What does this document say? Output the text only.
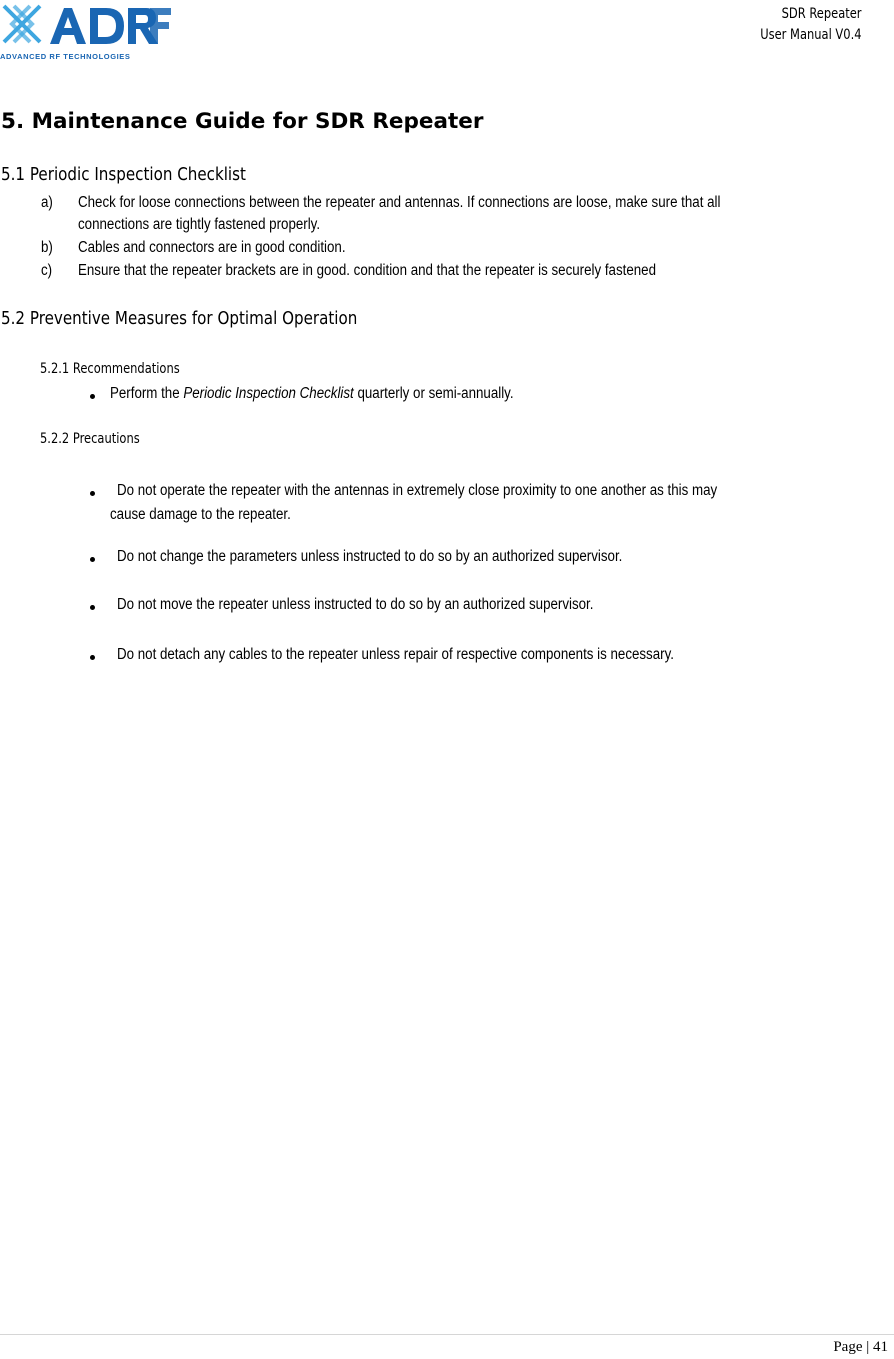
ADVANCED RF TECHNOLOGIES
SDR Repeater
User Manual V0.4
5. Maintenance Guide for SDR Repeater
5.1 Periodic Inspection Checklist
a) Check for loose connections between the repeater and antennas. If connections are loose, make sure that all
connections are tightly fastened properly.
b) Cables and connectors are in good condition.
c) Ensure that the repeater brackets are in good. condition and that the repeater is securely fastened
5.2 Preventive Measures for Optimal Operation
5.2.1 Recommendations
Perform the Periodic Inspection Checklist quarterly or semi-annually.
5.2.2 Precautions
Do not operate the repeater with the antennas in extremely close proximity to one another as this may
cause damage to the repeater.
Do not change the parameters unless instructed to do so by an authorized supervisor.
Do not move the repeater unless instructed to do so by an authorized supervisor.
Do not detach any cables to the repeater unless repair of respective components is necessary.
Page | 41
